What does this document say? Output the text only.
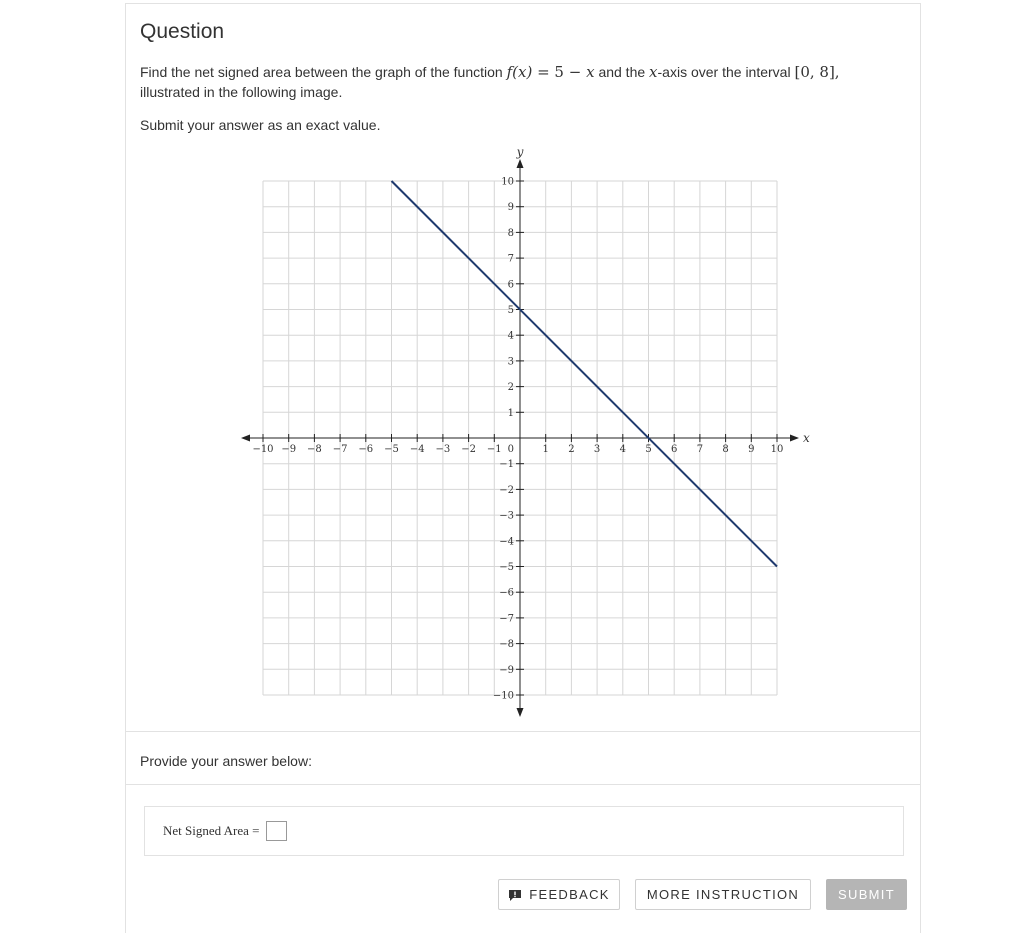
Question
Find the net signed area between the graph of the function f(x) = 5 − x and the x-axis over the interval [0, 8],
illustrated in the following image.
Submit your answer as an exact value.
−10 −9 −8 −7 −6 −5 −4 −3 −2 −1	1 2 3 4 5 6 7 8 9 10
10
9
8
7
6
5
4
3
2
1
−1
−2
−3
−4
−5
−6
−7
−8
−9
−10
0
x
y
Provide your answer below:
Net Signed Area =
FEEDBACK	MORE INSTRUCTION	SUBMIT
